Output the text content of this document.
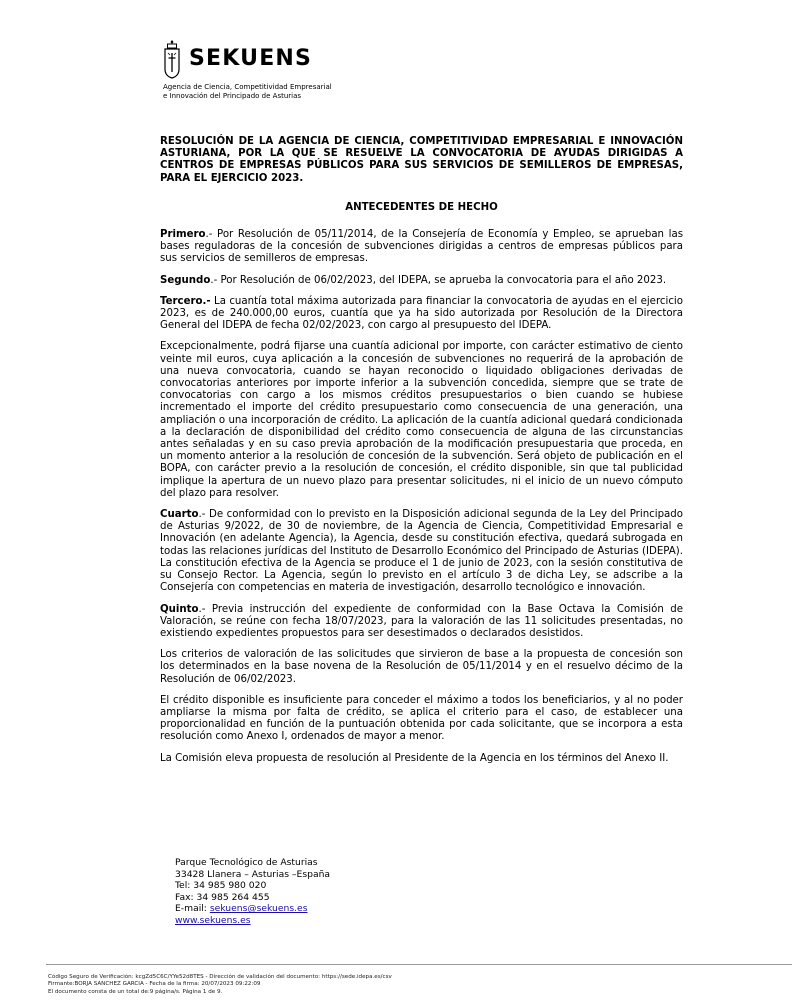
SEKUENS
Agencia de Ciencia, Competitividad Empresarial
e Innovación del Principado de Asturias

RESOLUCIÓN DE LA AGENCIA DE CIENCIA, COMPETITIVIDAD EMPRESARIAL E INNOVACIÓN ASTURIANA, POR LA QUE SE RESUELVE LA CONVOCATORIA DE AYUDAS DIRIGIDAS A CENTROS DE EMPRESAS PÚBLICOS PARA SUS SERVICIOS DE SEMILLEROS DE EMPRESAS, PARA EL EJERCICIO 2023.

ANTECEDENTES DE HECHO

Primero.- Por Resolución de 05/11/2014, de la Consejería de Economía y Empleo, se aprueban las bases reguladoras de la concesión de subvenciones dirigidas a centros de empresas públicos para sus servicios de semilleros de empresas.

Segundo.- Por Resolución de 06/02/2023, del IDEPA, se aprueba la convocatoria para el año 2023.

Tercero.- La cuantía total máxima autorizada para financiar la convocatoria de ayudas en el ejercicio 2023, es de 240.000,00 euros, cuantía que ya ha sido autorizada por Resolución de la Directora General del IDEPA de fecha 02/02/2023, con cargo al presupuesto del IDEPA.

Excepcionalmente, podrá fijarse una cuantía adicional por importe, con carácter estimativo de ciento veinte mil euros, cuya aplicación a la concesión de subvenciones no requerirá de la aprobación de una nueva convocatoria, cuando se hayan reconocido o liquidado obligaciones derivadas de convocatorias anteriores por importe inferior a la subvención concedida, siempre que se trate de convocatorias con cargo a los mismos créditos presupuestarios o bien cuando se hubiese incrementado el importe del crédito presupuestario como consecuencia de una generación, una ampliación o una incorporación de crédito. La aplicación de la cuantía adicional quedará condicionada a la declaración de disponibilidad del crédito como consecuencia de alguna de las circunstancias antes señaladas y en su caso previa aprobación de la modificación presupuestaria que proceda, en un momento anterior a la resolución de concesión de la subvención. Será objeto de publicación en el BOPA, con carácter previo a la resolución de concesión, el crédito disponible, sin que tal publicidad implique la apertura de un nuevo plazo para presentar solicitudes, ni el inicio de un nuevo cómputo del plazo para resolver.

Cuarto.- De conformidad con lo previsto en la Disposición adicional segunda de la Ley del Principado de Asturias 9/2022, de 30 de noviembre, de la Agencia de Ciencia, Competitividad Empresarial e Innovación (en adelante Agencia), la Agencia, desde su constitución efectiva, quedará subrogada en todas las relaciones jurídicas del Instituto de Desarrollo Económico del Principado de Asturias (IDEPA). La constitución efectiva de la Agencia se produce el 1 de junio de 2023, con la sesión constitutiva de su Consejo Rector. La Agencia, según lo previsto en el artículo 3 de dicha Ley, se adscribe a la Consejería con competencias en materia de investigación, desarrollo tecnológico e innovación.

Quinto.- Previa instrucción del expediente de conformidad con la Base Octava la Comisión de Valoración, se reúne con fecha 18/07/2023, para la valoración de las 11 solicitudes presentadas, no existiendo expedientes propuestos para ser desestimados o declarados desistidos.

Los criterios de valoración de las solicitudes que sirvieron de base a la propuesta de concesión son los determinados en la base novena de la Resolución de 05/11/2014 y en el resuelvo décimo de la Resolución de 06/02/2023.

El crédito disponible es insuficiente para conceder el máximo a todos los beneficiarios, y al no poder ampliarse la misma por falta de crédito, se aplica el criterio para el caso, de establecer una proporcionalidad en función de la puntuación obtenida por cada solicitante, que se incorpora a esta resolución como Anexo I, ordenados de mayor a menor.

La Comisión eleva propuesta de resolución al Presidente de la Agencia en los términos del Anexo II.

Parque Tecnológico de Asturias
33428 Llanera – Asturias –España
Tel: 34 985 980 020
Fax: 34 985 264 455
E-mail: sekuens@sekuens.es
www.sekuens.es
Código Seguro de Verificación: kcgZd5C6C/YYe52d8TES - Dirección de validación del documento: https://sede.idepa.es/csv
Firmante:BORJA SANCHEZ GARCIA - Fecha de la firma: 20/07/2023 09:22:09
El documento consta de un total de:9 página/s. Página 1 de 9.
